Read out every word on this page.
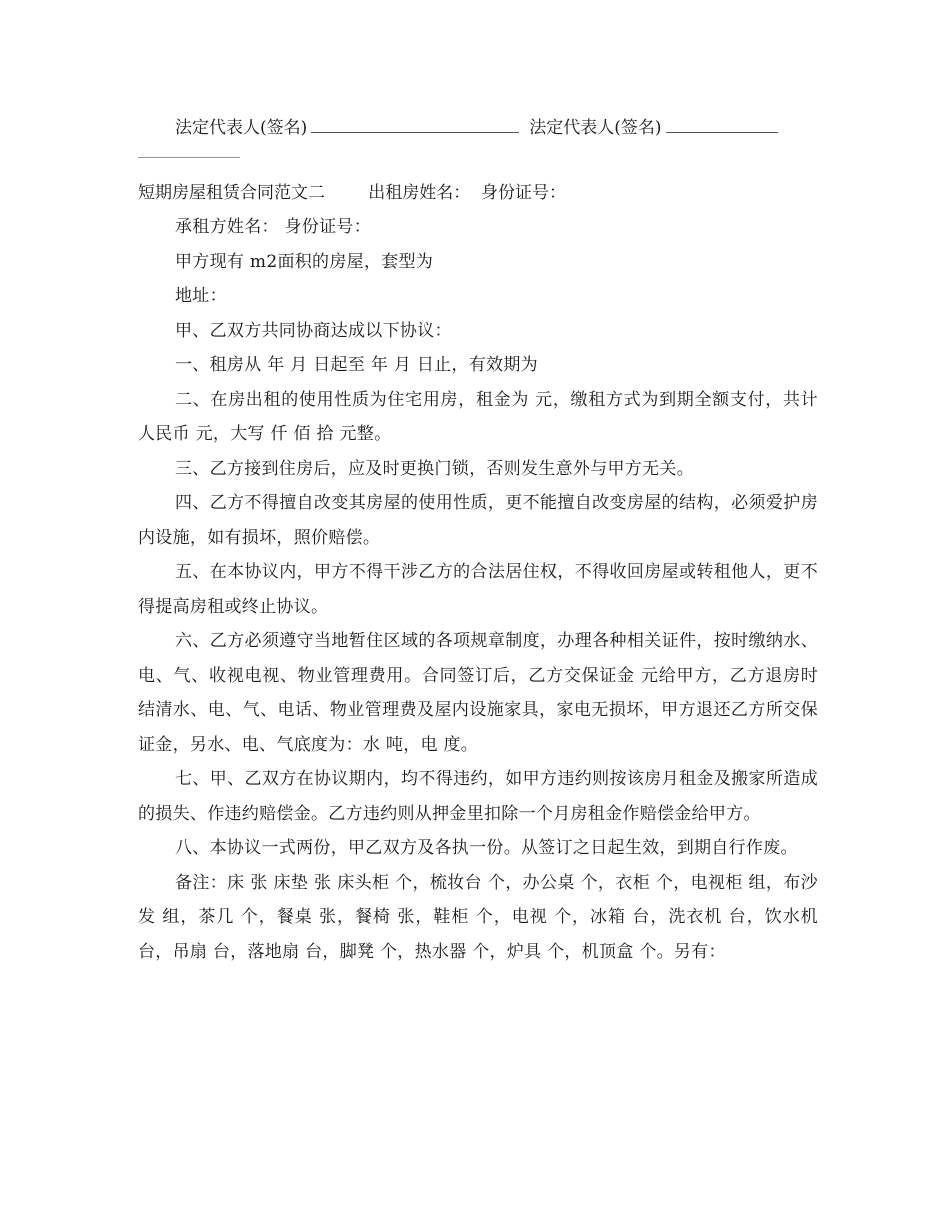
法定代表人(签名)	法定代表人(签名)
短期房屋租赁合同范文二	出租房姓名： 身份证号：

承租方姓名： 身份证号：

甲方现有 m2面积的房屋，套型为

地址：

甲、乙双方共同协商达成以下协议：

一、租房从 年 月 日起至 年 月 日止，有效期为

二、在房出租的使用性质为住宅用房，租金为 元，缴租方式为到期全额支付，共计人民币 元，大写 仟 佰 拾 元整。

三、乙方接到住房后，应及时更换门锁，否则发生意外与甲方无关。

四、乙方不得擅自改变其房屋的使用性质，更不能擅自改变房屋的结构，必须爱护房内设施，如有损坏，照价赔偿。

五、在本协议内，甲方不得干涉乙方的合法居住权，不得收回房屋或转租他人，更不得提高房租或终止协议。

六、乙方必须遵守当地暂住区域的各项规章制度，办理各种相关证件，按时缴纳水、电、气、收视电视、物业管理费用。合同签订后，乙方交保证金 元给甲方，乙方退房时结清水、电、气、电话、物业管理费及屋内设施家具，家电无损坏，甲方退还乙方所交保证金，另水、电、气底度为：水 吨，电 度。

七、甲、乙双方在协议期内，均不得违约，如甲方违约则按该房月租金及搬家所造成的损失、作违约赔偿金。乙方违约则从押金里扣除一个月房租金作赔偿金给甲方。

八、本协议一式两份，甲乙双方及各执一份。从签订之日起生效，到期自行作废。

备注：床 张 床垫 张 床头柜 个，梳妆台 个，办公桌 个，衣柜 个，电视柜 组，布沙发 组，茶几 个，餐桌 张，餐椅 张，鞋柜 个，电视 个，冰箱 台，洗衣机 台，饮水机 台，吊扇 台，落地扇 台，脚凳 个，热水器 个，炉具 个，机顶盒 个。另有：
